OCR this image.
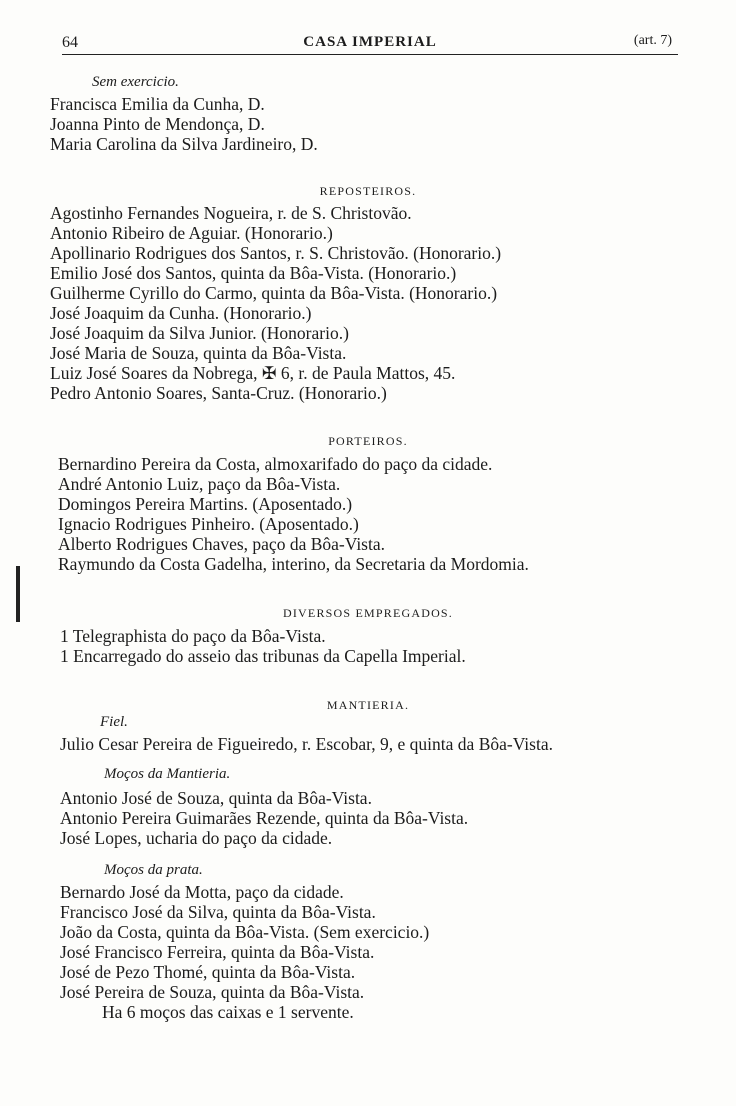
64	CASA IMPERIAL	(art. 7)
Sem exercicio.
Francisca Emilia da Cunha, D.
Joanna Pinto de Mendonça, D.
Maria Carolina da Silva Jardineiro, D.
REPOSTEIROS.
Agostinho Fernandes Nogueira, r. de S. Christovão.
Antonio Ribeiro de Aguiar. (Honorario.)
Apollinario Rodrigues dos Santos, r. S. Christovão. (Honorario.)
Emilio José dos Santos, quinta da Bôa-Vista. (Honorario.)
Guilherme Cyrillo do Carmo, quinta da Bôa-Vista. (Honorario.)
José Joaquim da Cunha. (Honorario.)
José Joaquim da Silva Junior. (Honorario.)
José Maria de Souza, quinta da Bôa-Vista.
Luiz José Soares da Nobrega, ✠ 6, r. de Paula Mattos, 45.
Pedro Antonio Soares, Santa-Cruz. (Honorario.)
PORTEIROS.
Bernardino Pereira da Costa, almoxarifado do paço da cidade.
André Antonio Luiz, paço da Bôa-Vista.
Domingos Pereira Martins. (Aposentado.)
Ignacio Rodrigues Pinheiro. (Aposentado.)
Alberto Rodrigues Chaves, paço da Bôa-Vista.
Raymundo da Costa Gadelha, interino, da Secretaria da Mordomia.
DIVERSOS EMPREGADOS.
1 Telegraphista do paço da Bôa-Vista.
1 Encarregado do asseio das tribunas da Capella Imperial.
MANTIERIA.
Fiel.
Julio Cesar Pereira de Figueiredo, r. Escobar, 9, e quinta da Bôa-Vista.
Moços da Mantieria.
Antonio José de Souza, quinta da Bôa-Vista.
Antonio Pereira Guimarães Rezende, quinta da Bôa-Vista.
José Lopes, ucharia do paço da cidade.
Moços da prata.
Bernardo José da Motta, paço da cidade.
Francisco José da Silva, quinta da Bôa-Vista.
João da Costa, quinta da Bôa-Vista. (Sem exercicio.)
José Francisco Ferreira, quinta da Bôa-Vista.
José de Pezo Thomé, quinta da Bôa-Vista.
José Pereira de Souza, quinta da Bôa-Vista.
Ha 6 moços das caixas e 1 servente.
